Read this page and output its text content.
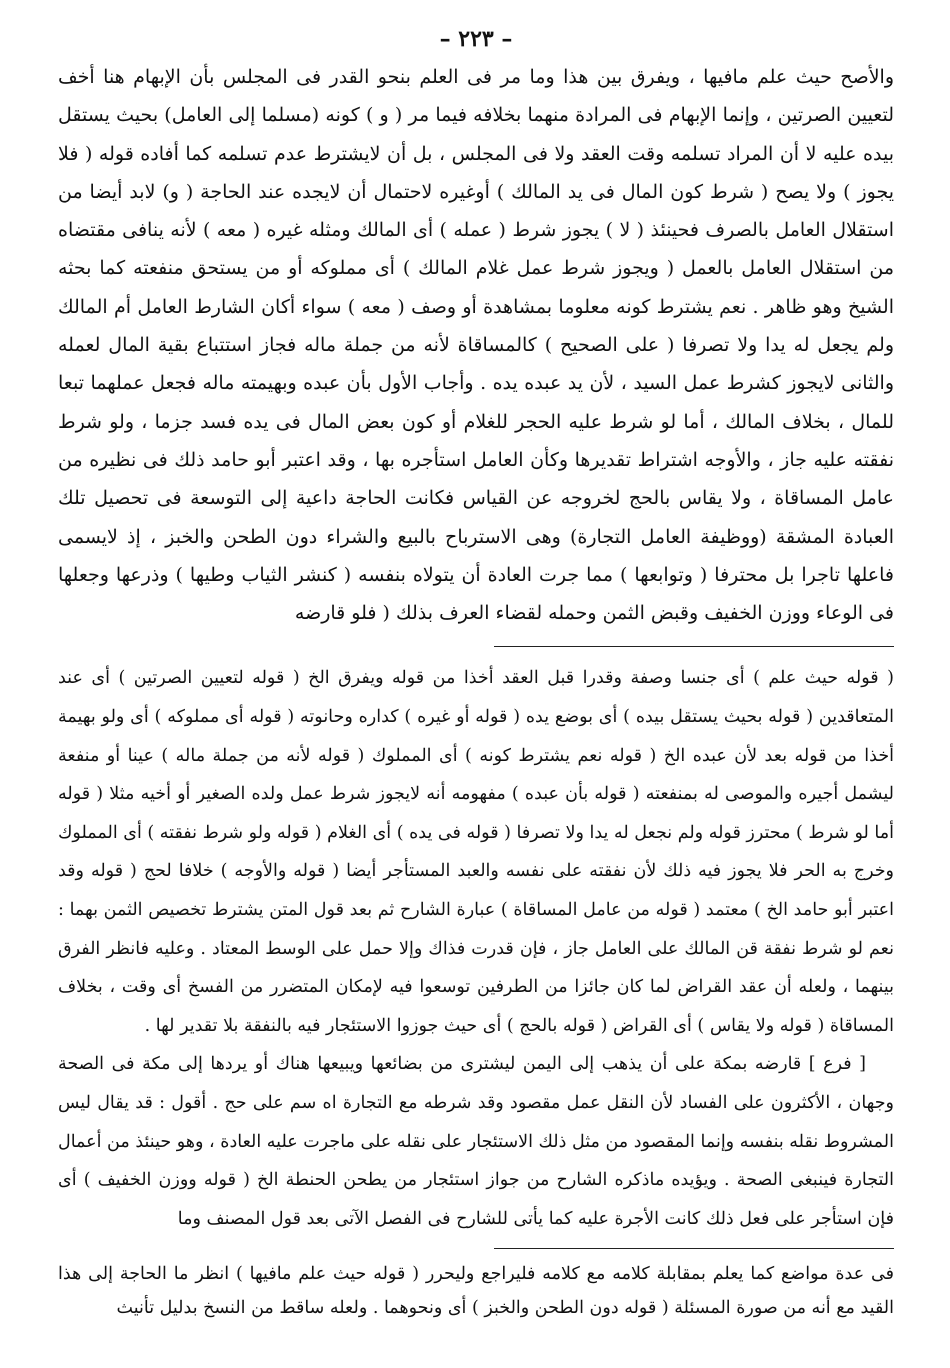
– ٢٢٣ –

والأصح حيث علم مافيها ، ويفرق بين هذا وما مر فى العلم بنحو القدر فى المجلس بأن الإبهام هنا أخف لتعيين الصرتين ، وإنما الإبهام فى المرادة منهما بخلافه فيما مر ( و ) كونه (مسلما إلى العامل) بحيث يستقل بيده عليه لا أن المراد تسلمه وقت العقد ولا فى المجلس ، بل أن لايشترط عدم تسلمه كما أفاده قوله ( فلا يجوز ) ولا يصح ( شرط كون المال فى يد المالك ) أوغيره لاحتمال أن لايجده عند الحاجة ( و) لابد أيضا من استقلال العامل بالصرف فحينئذ ( لا ) يجوز شرط ( عمله ) أى المالك ومثله غيره ( معه ) لأنه ينافى مقتضاه من استقلال العامل بالعمل ( ويجوز شرط عمل غلام المالك ) أى مملوكه أو من يستحق منفعته كما بحثه الشيخ وهو ظاهر . نعم يشترط كونه معلوما بمشاهدة أو وصف ( معه ) سواء أكان الشارط العامل أم المالك ولم يجعل له يدا ولا تصرفا ( على الصحيح ) كالمساقاة لأنه من جملة ماله فجاز استتباع بقية المال لعمله والثانى لايجوز كشرط عمل السيد ، لأن يد عبده يده . وأجاب الأول بأن عبده وبهيمته ماله فجعل عملهما تبعا للمال ، بخلاف المالك ، أما لو شرط عليه الحجر للغلام أو كون بعض المال فى يده فسد جزما ، ولو شرط نفقته عليه جاز ، والأوجه اشتراط تقديرها وكأن العامل استأجره بها ، وقد اعتبر أبو حامد ذلك فى نظيره من عامل المساقاة ، ولا يقاس بالحج لخروجه عن القياس فكانت الحاجة داعية إلى التوسعة فى تحصيل تلك العبادة المشقة (ووظيفة العامل التجارة) وهى الاسترباح بالبيع والشراء دون الطحن والخبز ، إذ لايسمى فاعلها تاجرا بل محترفا ( وتوابعها ) مما جرت العادة أن يتولاه بنفسه ( كنشر الثياب وطيها ) وذرعها وجعلها فى الوعاء ووزن الخفيف وقبض الثمن وحمله لقضاء العرف بذلك ( فلو قارضه

( قوله حيث علم ) أى جنسا وصفة وقدرا قبل العقد أخذا من قوله ويفرق الخ ( قوله لتعيين الصرتين ) أى عند المتعاقدين ( قوله بحيث يستقل بيده ) أى بوضع يده ( قوله أو غيره ) كداره وحانوته ( قوله أى مملوكه ) أى ولو بهيمة أخذا من قوله بعد لأن عبده الخ ( قوله نعم يشترط كونه ) أى المملوك ( قوله لأنه من جملة ماله ) عينا أو منفعة ليشمل أجيره والموصى له بمنفعته ( قوله بأن عبده ) مفهومه أنه لايجوز شرط عمل ولده الصغير أو أخيه مثلا ( قوله أما لو شرط ) محترز قوله ولم نجعل له يدا ولا تصرفا ( قوله فى يده ) أى الغلام ( قوله ولو شرط نفقته ) أى المملوك وخرج به الحر فلا يجوز فيه ذلك لأن نفقته على نفسه والعبد المستأجر أيضا ( قوله والأوجه ) خلافا لحج ( قوله وقد اعتبر أبو حامد الخ ) معتمد ( قوله من عامل المساقاة ) عبارة الشارح ثم بعد قول المتن يشترط تخصيص الثمن بهما : نعم لو شرط نفقة قن المالك على العامل جاز ، فإن قدرت فذاك وإلا حمل على الوسط المعتاد . وعليه فانظر الفرق بينهما ، ولعله أن عقد القراض لما كان جائزا من الطرفين توسعوا فيه لإمكان المتضرر من الفسخ أى وقت ، بخلاف المساقاة ( قوله ولا يقاس ) أى القراض ( قوله بالحج ) أى حيث جوزوا الاستئجار فيه بالنفقة بلا تقدير لها .

[ فرع ] قارضه بمكة على أن يذهب إلى اليمن ليشترى من بضائعها ويبيعها هناك أو يردها إلى مكة فى الصحة وجهان ، الأكثرون على الفساد لأن النقل عمل مقصود وقد شرطه مع التجارة اه سم على حج . أقول : قد يقال ليس المشروط نقله بنفسه وإنما المقصود من مثل ذلك الاستئجار على نقله على ماجرت عليه العادة ، وهو حينئذ من أعمال التجارة فينبغى الصحة . ويؤيده ماذكره الشارح من جواز استئجار من يطحن الحنطة الخ ( قوله ووزن الخفيف ) أى فإن استأجر على فعل ذلك كانت الأجرة عليه كما يأتى للشارح فى الفصل الآتى بعد قول المصنف وما

فى عدة مواضع كما يعلم بمقابلة كلامه مع كلامه فليراجع وليحرر ( قوله حيث علم مافيها ) انظر ما الحاجة إلى هذا القيد مع أنه من صورة المسئلة ( قوله دون الطحن والخبز ) أى ونحوهما . ولعله ساقط من النسخ بدليل تأنيث
